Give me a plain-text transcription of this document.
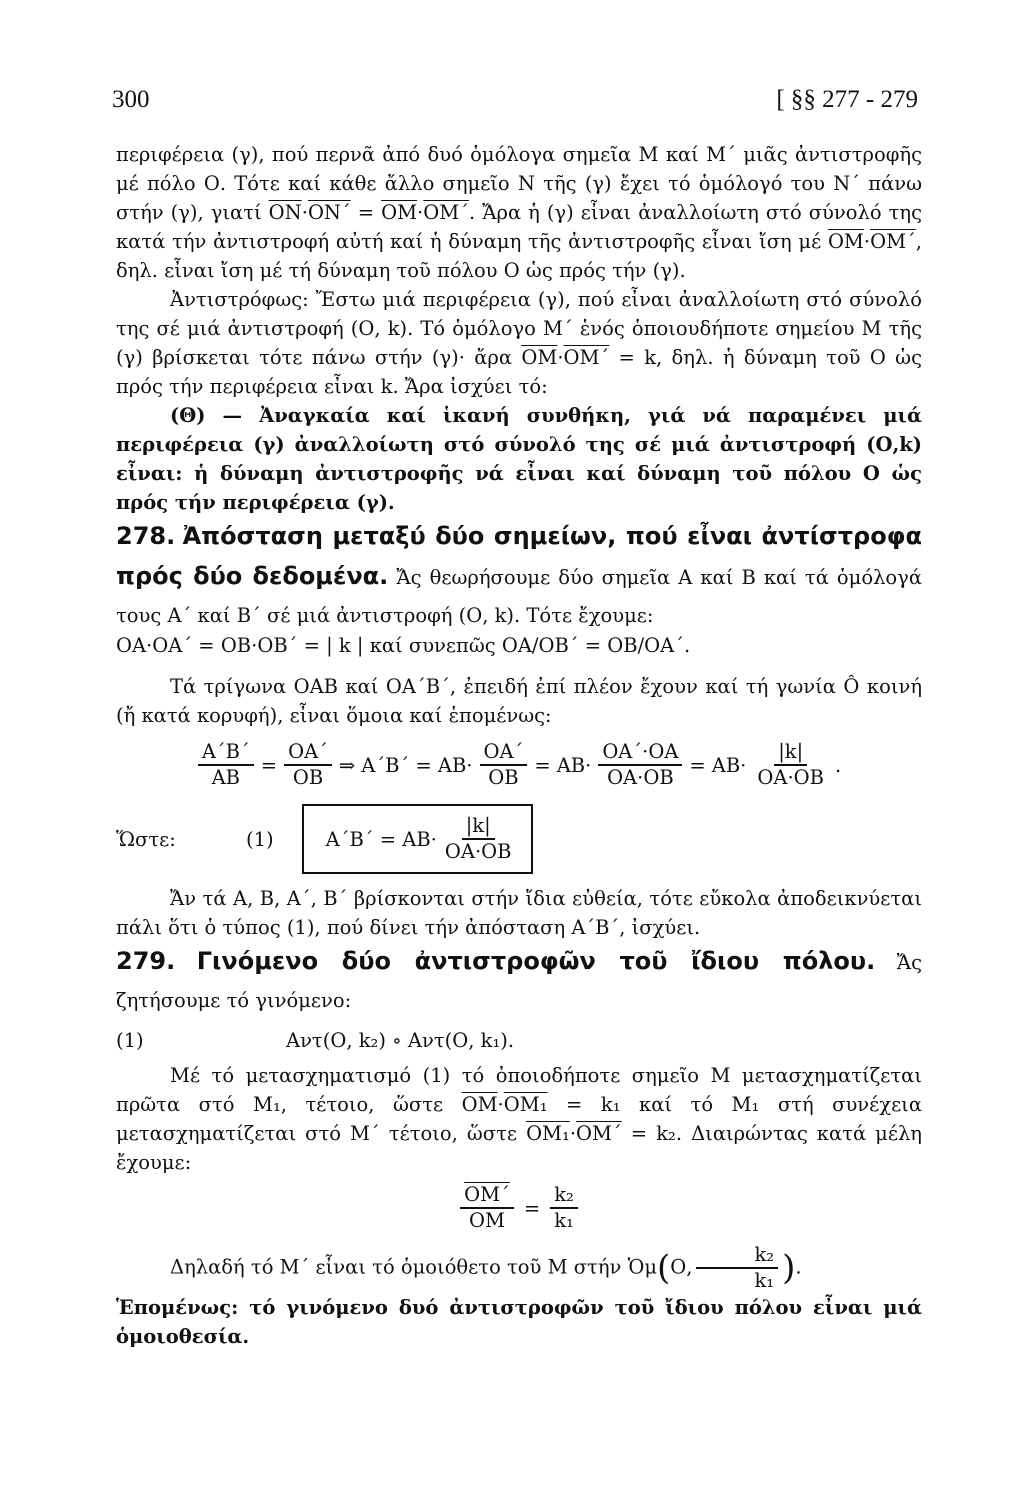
300	[ §§ 277 - 279

περιφέρεια (γ), πού περνᾶ ἀπό δυό ὁμόλογα σημεῖα Μ καί Μ΄ μιᾶς ἀντιστροφῆς μέ πόλο Ο. Τότε καί κάθε ἄλλο σημεῖο Ν τῆς (γ) ἔχει τό ὁμόλογό του Ν΄ πάνω στήν (γ), γιατί $\overline{ON}\cdot\overline{ON΄} = \overline{OM}\cdot\overline{OM΄}$. Ἄρα ἡ (γ) εἶναι ἀναλλοίωτη στό σύνολό της κατά τήν ἀντιστροφή αὐτή καί ἡ δύναμη τῆς ἀντιστροφῆς εἶναι ἴση μέ $\overline{OM}\cdot\overline{OM΄}$, δηλ. εἶναι ἴση μέ τή δύναμη τοῦ πόλου Ο ὡς πρός τήν (γ).

Ἀντιστρόφως: Ἔστω μιά περιφέρεια (γ), πού εἶναι ἀναλλοίωτη στό σύνολό της σέ μιά ἀντιστροφή (Ο, k). Τό ὁμόλογο Μ΄ ἑνός ὁποιουδήποτε σημείου Μ τῆς (γ) βρίσκεται τότε πάνω στήν (γ)· ἄρα $\overline{OM}\cdot\overline{OM΄} = k$, δηλ. ἡ δύναμη τοῦ Ο ὡς πρός τήν περιφέρεια εἶναι k. Ἄρα ἰσχύει τό:

(Θ) — Ἀναγκαία καί ἱκανή συνθήκη, γιά νά παραμένει μιά περιφέρεια (γ) ἀναλλοίωτη στό σύνολό της σέ μιά ἀντιστροφή (Ο,k) εἶναι: ἡ δύναμη ἀντιστροφῆς νά εἶναι καί δύναμη τοῦ πόλου Ο ὡς πρός τήν περιφέρεια (γ).

278. Ἀπόσταση μεταξύ δύο σημείων, πού εἶναι ἀντίστροφα πρός δύο δεδομένα. Ἄς θεωρήσουμε δύο σημεῖα Α καί Β καί τά ὁμόλογά τους Α΄ καί Β΄ σέ μιά ἀντιστροφή (Ο, k). Τότε ἔχουμε:

ΟΑ·ΟΑ΄ = ΟΒ·ΟΒ΄ = | k | καί συνεπῶς ΟΑ/ΟΒ΄ = ΟΒ/ΟΑ΄.

Τά τρίγωνα ΟΑΒ καί ΟΑ΄Β΄, ἐπειδή ἐπί πλέον ἔχουν καί τή γωνία Ô κοινή (ἤ κατά κορυφή), εἶναι ὅμοια καί ἑπομένως:

$\frac{A΄B΄}{AB} = \frac{OA΄}{OB}$ ⇒ $A΄B΄ = AB\cdot \frac{OA΄}{OB} = AB\cdot \frac{OA΄\cdot OA}{OA\cdot OB} = AB\cdot \frac{|k|}{OA\cdot OB}$ .
Ὥστε:	(1)	$A΄B΄ = AB\cdot \frac{|k|}{OA\cdot OB}$

Ἄν τά Α, Β, Α΄, Β΄ βρίσκονται στήν ἴδια εὐθεία, τότε εὔκολα ἀποδεικνύεται πάλι ὅτι ὁ τύπος (1), πού δίνει τήν ἀπόσταση Α΄Β΄, ἰσχύει.

279. Γινόμενο δύο ἀντιστροφῶν τοῦ ἴδιου πόλου. Ἄς ζητήσουμε τό γινόμενο:

(1)	Αντ(Ο, k₂) ∘ Αντ(Ο, k₁).

Μέ τό μετασχηματισμό (1) τό ὁποιοδήποτε σημεῖο Μ μετασχηματίζεται πρῶτα στό Μ₁, τέτοιο, ὥστε $\overline{OM}\cdot OM_1 = k_1$ καί τό Μ₁ στή συνέχεια μετασχηματίζεται στό Μ΄ τέτοιο, ὥστε $OM_1\cdot\overline{OM΄} = k_2$. Διαιρώντας κατά μέλη ἔχουμε:

$\frac{\overline{OM΄}}{OM} = \frac{\text{k₂}}{\text{k₁}}$

Δηλαδή τό Μ΄ εἶναι τό ὁμοιόθετο τοῦ Μ στήν Ὁμ(Ο, $\frac{\text{k₂}}{\text{k₁}}$ ).

Ἑπομένως: τό γινόμενο δυό ἀντιστροφῶν τοῦ ἴδιου πόλου εἶναι μιά ὁμοιοθεσία.
